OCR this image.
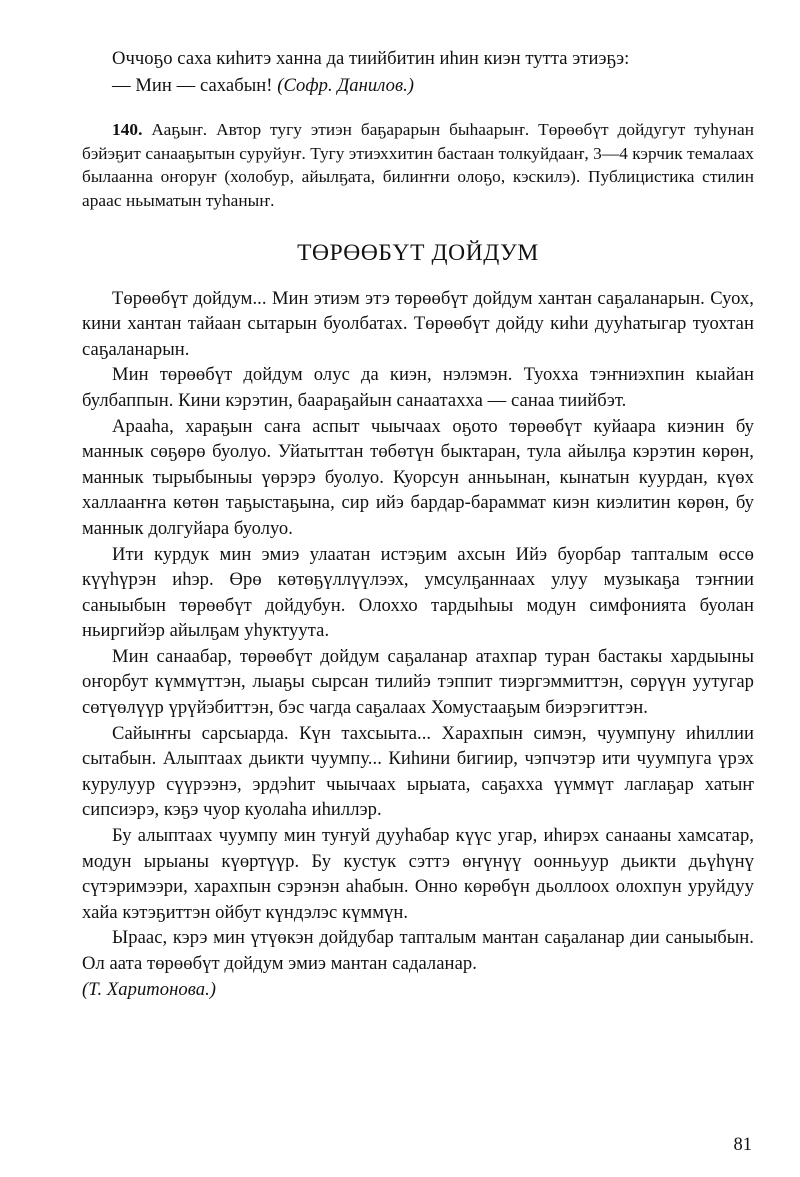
Оччоҕо саха киһитэ ханна да тиийбитин иһин киэн тутта этиэҕэ:

— Мин — сахабын! (Софр. Данилов.)

140. Ааҕыҥ. Автор тугу этиэн баҕарарын быһаарыҥ. Төрөөбүт дойдугут туһунан бэйэҕит санааҕытын суруйуҥ. Тугу этиэххитин бастаан толкуйдааҥ, 3—4 кэрчик темалаах былаанна оҥоруҥ (холобур, айылҕата, билиҥҥи олоҕо, кэскилэ). Публицистика стилин араас ньыматын туһаныҥ.

ТӨРӨӨБҮТ ДОЙДУМ

Төрөөбүт дойдум... Мин этиэм этэ төрөөбүт дойдум хантан саҕаланарын. Суох, кини хантан тайаан сытарын буолбатах. Төрөөбүт дойду киһи дууһатыгар туохтан саҕаланарын.

Мин төрөөбүт дойдум олус да киэн, нэлэмэн. Туохха тэҥниэхпин кыайан булбаппын. Кини кэрэтин, баараҕайын санаатахха — санаа тиийбэт.

Арааһа, хараҕын саҥа аспыт чыычаах оҕото төрөөбүт куйаара киэнин бу маннык сөҕөрө буолуо. Уйатыттан төбөтүн быктаран, тула айылҕа кэрэтин көрөн, маннык тырыбыныы үөрэрэ буолуо. Куорсун анньынан, кынатын куурдан, күөх халлааҥҥа көтөн таҕыстаҕына, сир ийэ бардар-бараммат киэн киэлитин көрөн, бу маннык долгуйара буолуо.

Ити курдук мин эмиэ улаатан истэҕим ахсын Ийэ буорбар тапталым өссө күүһүрэн иһэр. Өрө көтөҕүллүүлээх, умсулҕаннаах улуу музыкаҕа тэҥнии саныыбын төрөөбүт дойдубун. Олоххо тардыһыы модун симфонията буолан ньиргийэр айылҕам уһуктуута.

Мин санаабар, төрөөбүт дойдум саҕаланар атахпар туран бастакы хардыыны оҥорбут күммүттэн, лыаҕы сырсан тилийэ тэппит тиэргэммиттэн, сөрүүн уутугар сөтүөлүүр үрүйэбиттэн, бэс чагда саҕалаах Хомустааҕым биэрэгиттэн.

Сайыҥҥы сарсыарда. Күн тахсыыта... Харахпын симэн, чуумпуну иһиллии сытабын. Алыптаах дьикти чуумпу... Киһини бигиир, чэпчэтэр ити чуумпуга үрэх курулуур сүүрээнэ, эрдэһит чыычаах ырыата, саҕахха үүммүт лаглаҕар хатыҥ сипсиэрэ, кэҕэ чуор куолаһа иһиллэр.

Бу алыптаах чуумпу мин туҥуй дууһабар күүс угар, иһирэх санааны хамсатар, модун ырыаны күөртүүр. Бу кустук сэттэ өҥүнүү оонньуур дьикти дьүһүнү сүтэримээри, харахпын сэрэнэн аһабын. Онно көрөбүн дьоллоох олохпун уруйдуу хайа кэтэҕиттэн ойбут күндэлэс күммүн.

Ыраас, кэрэ мин үтүөкэн дойдубар тапталым мантан саҕаланар дии саныыбын. Ол аата төрөөбүт дойдум эмиэ мантан садаланар.

(Т. Харитонова.)

81
